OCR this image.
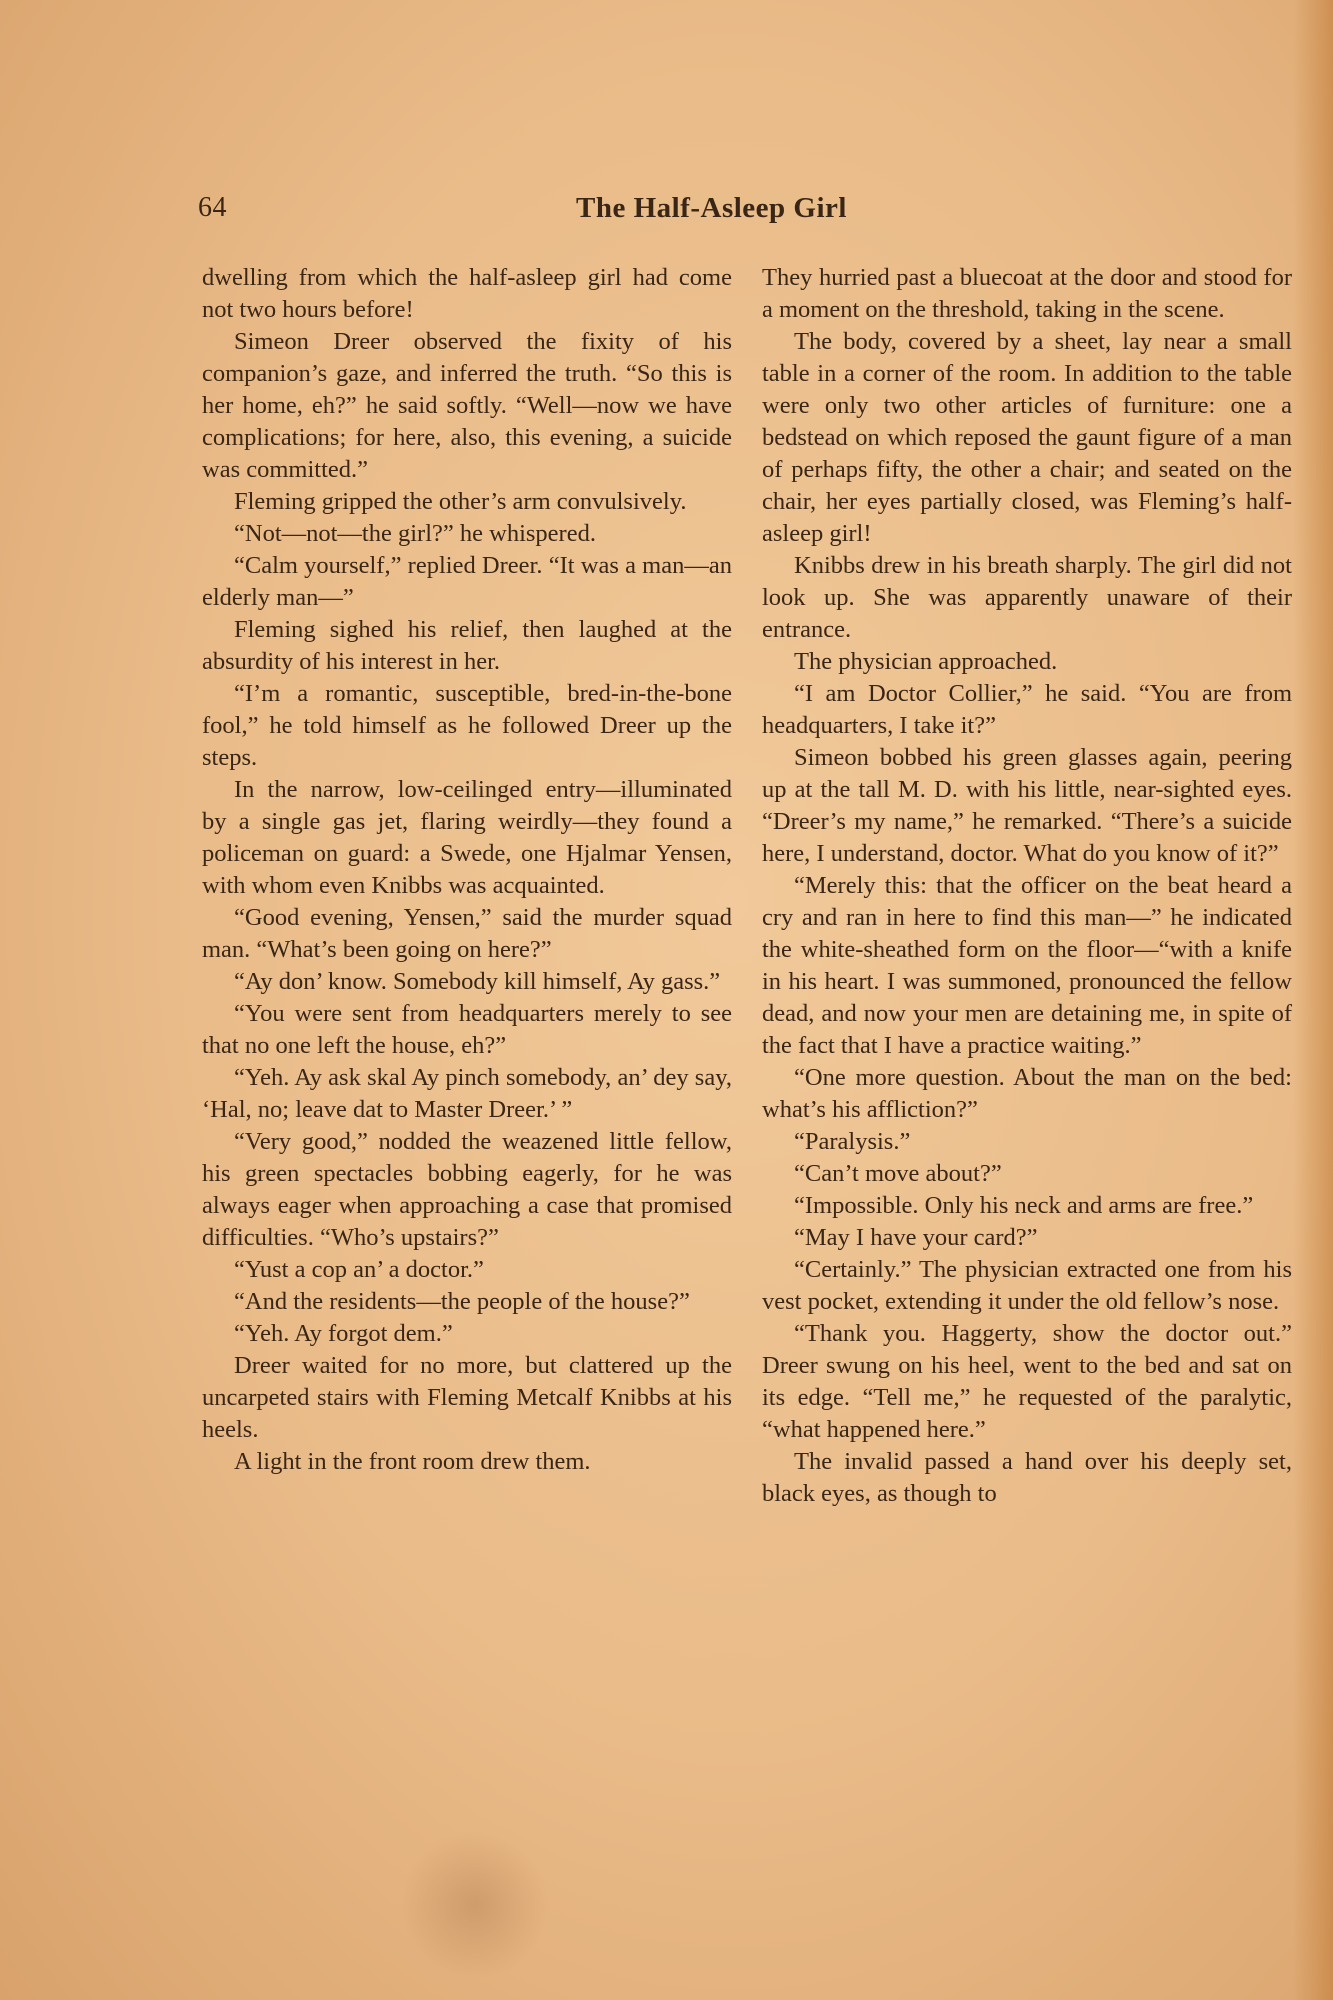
64	The Half-Asleep Girl

dwelling from which the half-asleep girl had come not two hours before!

Simeon Dreer observed the fixity of his companion’s gaze, and inferred the truth. “So this is her home, eh?” he said softly. “Well—now we have complications; for here, also, this evening, a suicide was committed.”

Fleming gripped the other’s arm convulsively.

“Not—not—the girl?” he whispered.

“Calm yourself,” replied Dreer. “It was a man—an elderly man—”

Fleming sighed his relief, then laughed at the absurdity of his interest in her.

“I’m a romantic, susceptible, bred-in-the-bone fool,” he told himself as he followed Dreer up the steps.

In the narrow, low-ceilinged entry—illuminated by a single gas jet, flaring weirdly—they found a policeman on guard: a Swede, one Hjalmar Yensen, with whom even Knibbs was acquainted.

“Good evening, Yensen,” said the murder squad man. “What’s been going on here?”

“Ay don’ know. Somebody kill himself, Ay gass.”

“You were sent from headquarters merely to see that no one left the house, eh?”

“Yeh. Ay ask skal Ay pinch somebody, an’ dey say, ‘Hal, no; leave dat to Master Dreer.’ ”

“Very good,” nodded the weazened little fellow, his green spectacles bobbing eagerly, for he was always eager when approaching a case that promised difficulties. “Who’s upstairs?”

“Yust a cop an’ a doctor.”

“And the residents—the people of the house?”

“Yeh. Ay forgot dem.”

Dreer waited for no more, but clattered up the uncarpeted stairs with Fleming Metcalf Knibbs at his heels.

A light in the front room drew them.

They hurried past a bluecoat at the door and stood for a moment on the threshold, taking in the scene.

The body, covered by a sheet, lay near a small table in a corner of the room. In addition to the table were only two other articles of furniture: one a bedstead on which reposed the gaunt figure of a man of perhaps fifty, the other a chair; and seated on the chair, her eyes partially closed, was Fleming’s half-asleep girl!

Knibbs drew in his breath sharply. The girl did not look up. She was apparently unaware of their entrance.

The physician approached.

“I am Doctor Collier,” he said. “You are from headquarters, I take it?”

Simeon bobbed his green glasses again, peering up at the tall M. D. with his little, near-sighted eyes. “Dreer’s my name,” he remarked. “There’s a suicide here, I understand, doctor. What do you know of it?”

“Merely this: that the officer on the beat heard a cry and ran in here to find this man—” he indicated the white-sheathed form on the floor—“with a knife in his heart. I was summoned, pronounced the fellow dead, and now your men are detaining me, in spite of the fact that I have a practice waiting.”

“One more question. About the man on the bed: what’s his affliction?”

“Paralysis.”

“Can’t move about?”

“Impossible. Only his neck and arms are free.”

“May I have your card?”

“Certainly.” The physician extracted one from his vest pocket, extending it under the old fellow’s nose.

“Thank you. Haggerty, show the doctor out.” Dreer swung on his heel, went to the bed and sat on its edge. “Tell me,” he requested of the paralytic, “what happened here.”

The invalid passed a hand over his deeply set, black eyes, as though to
